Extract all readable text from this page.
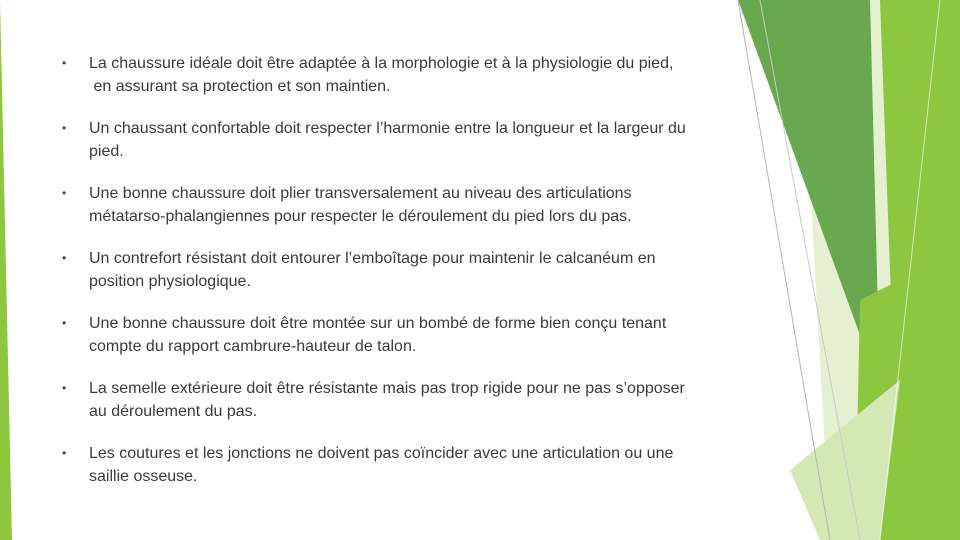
• La chaussure idéale doit être adaptée à la morphologie et à la physiologie du pied,
en assurant sa protection et son maintien.
• Un chaussant confortable doit respecter l’harmonie entre la longueur et la largeur du
pied.
• Une bonne chaussure doit plier transversalement au niveau des articulations
métatarso-phalangiennes pour respecter le déroulement du pied lors du pas.
• Un contrefort résistant doit entourer l’emboîtage pour maintenir le calcanéum en
position physiologique.
• Une bonne chaussure doit être montée sur un bombé de forme bien conçu tenant
compte du rapport cambrure-hauteur de talon.
• La semelle extérieure doit être résistante mais pas trop rigide pour ne pas s’opposer
au déroulement du pas.
• Les coutures et les jonctions ne doivent pas coïncider avec une articulation ou une
saillie osseuse.
